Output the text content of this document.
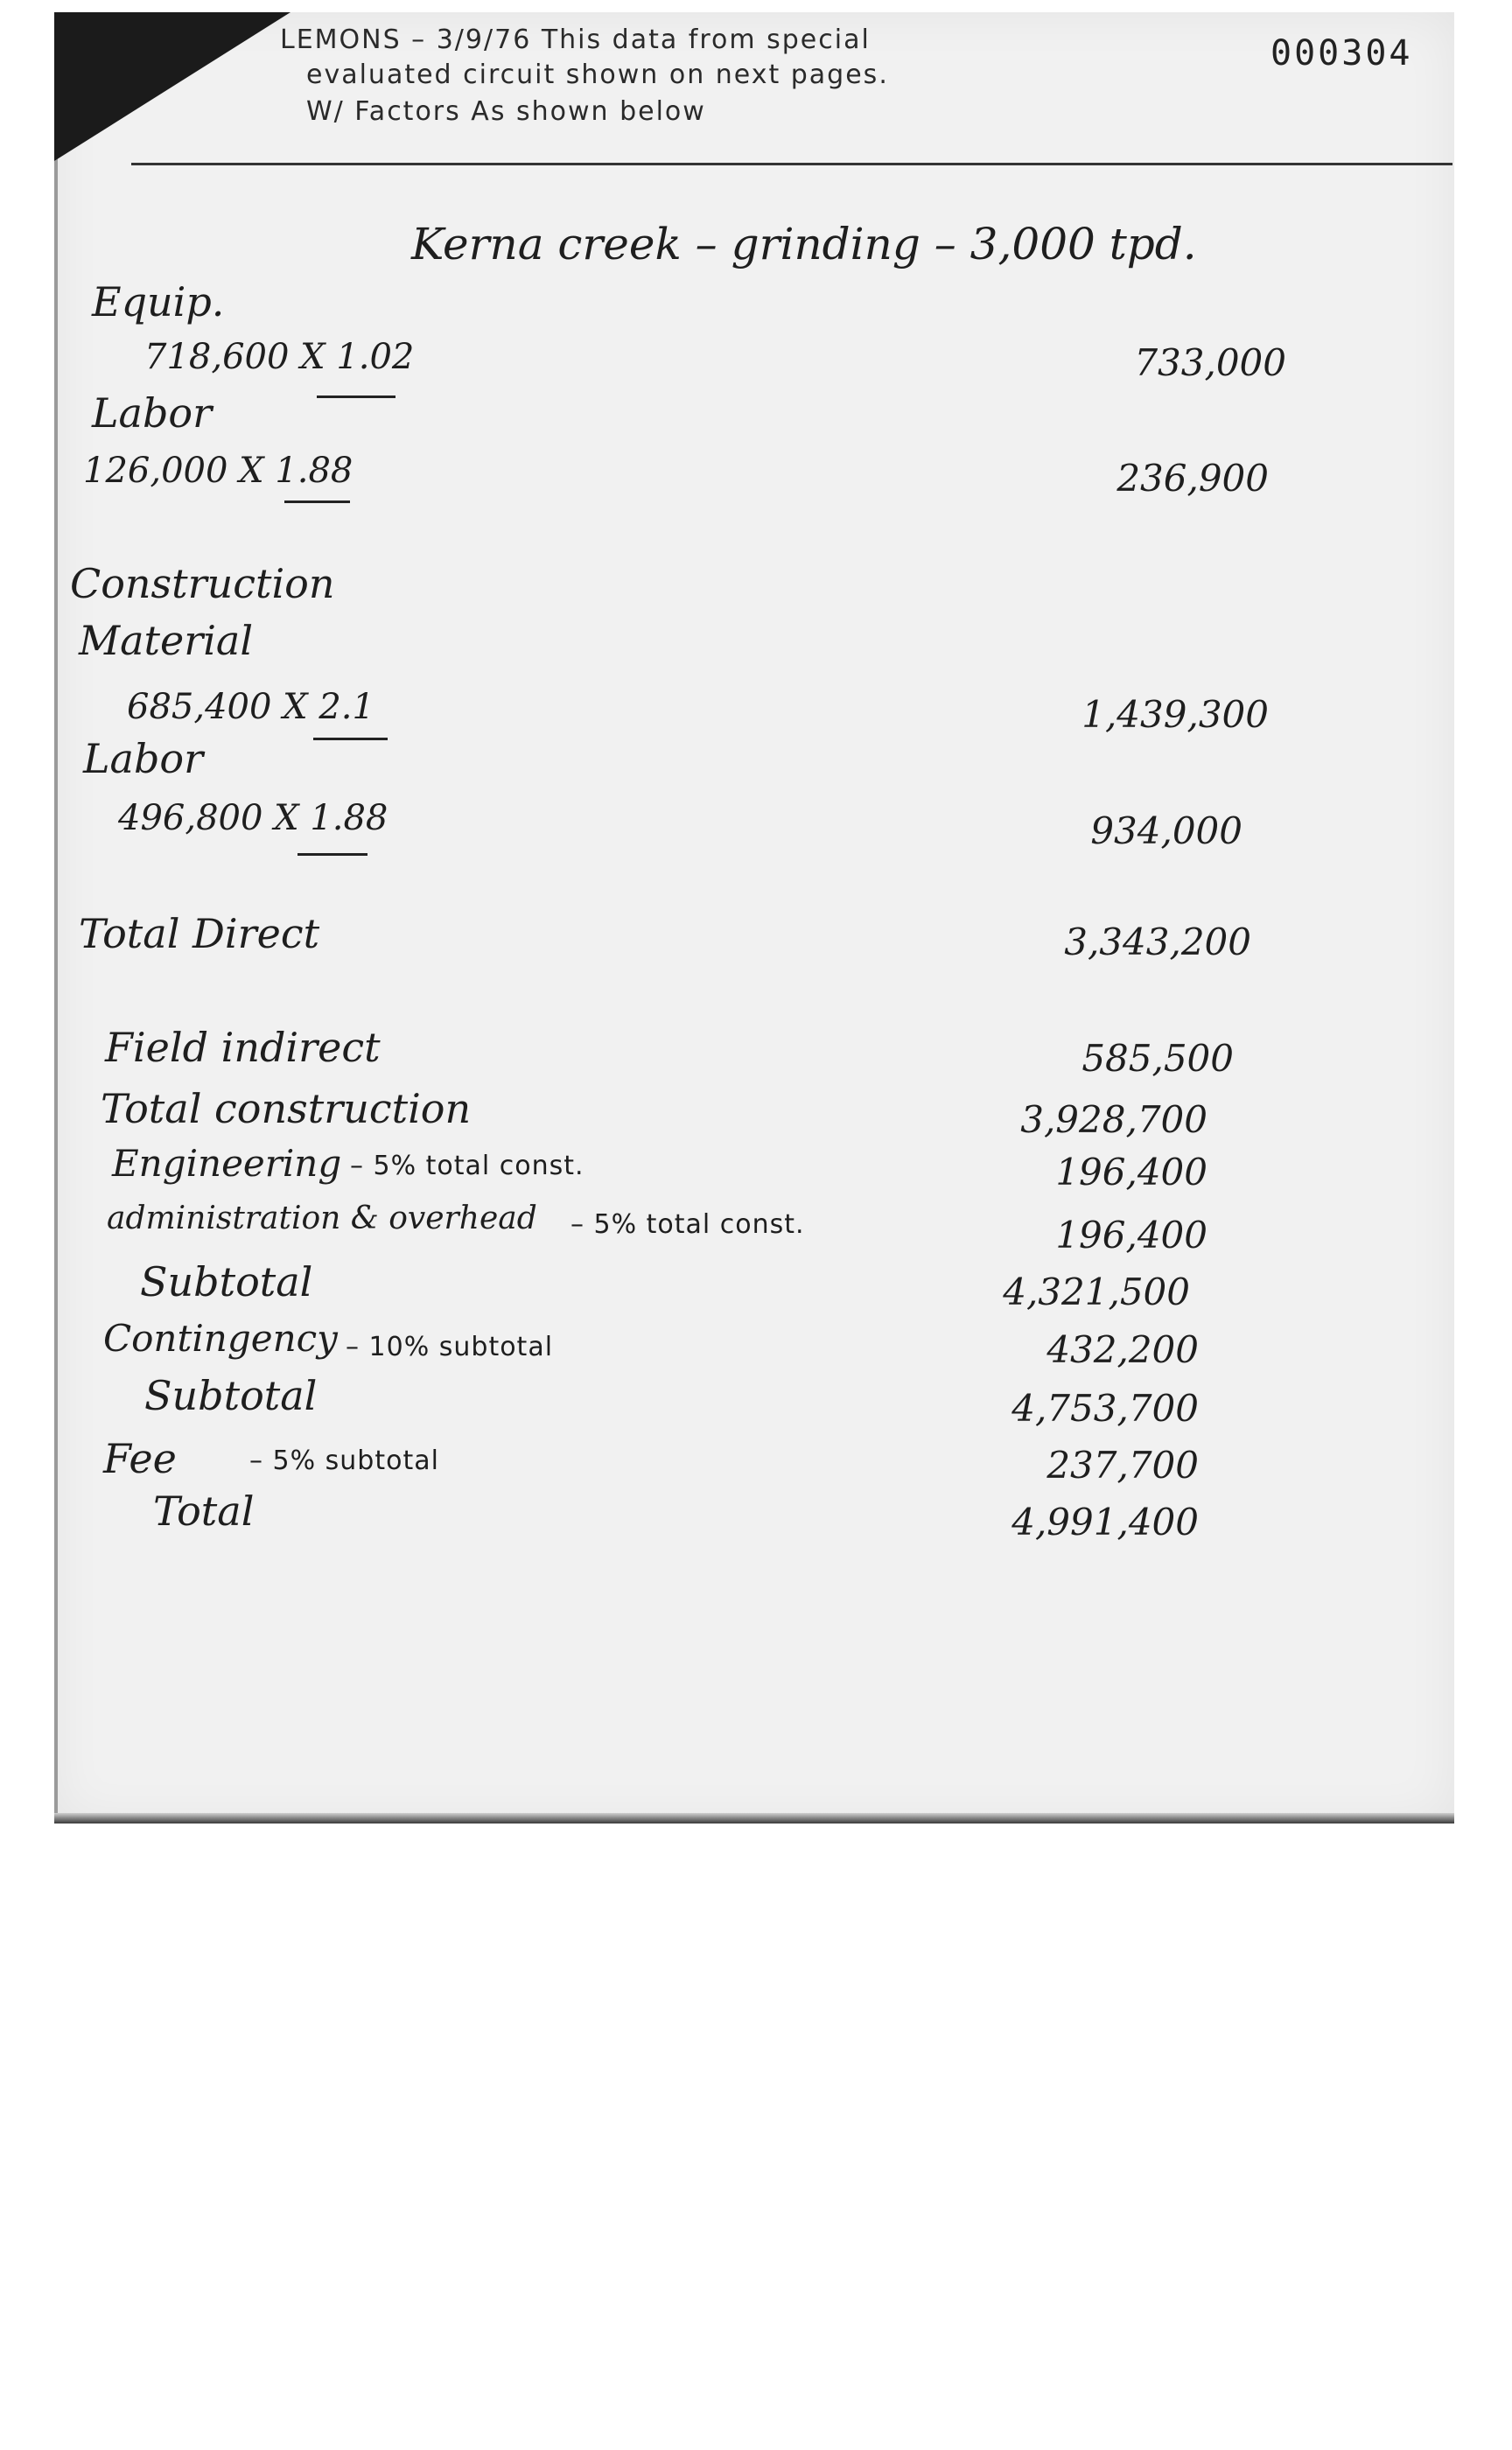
LEMONS – 3/9/76 This data from special
evaluated circuit shown on next pages.
W/ Factors As shown below
000304
Kerna creek – grinding – 3,000 tpd.
Equip.
718,600 X 1.02	733,000
Labor
126,000 X 1.88	236,900
Construction
Material
685,400 X 2.1	1,439,300
Labor
496,800 X 1.88	934,000
Total Direct	3,343,200
Field indirect	585,500
Total construction	3,928,700
Engineering – 5% total const.	196,400
administration & overhead – 5% total const.	196,400
Subtotal	4,321,500
Contingency – 10% subtotal	432,200
Subtotal	4,753,700
Fee	– 5% subtotal	237,700
Total	4,991,400
